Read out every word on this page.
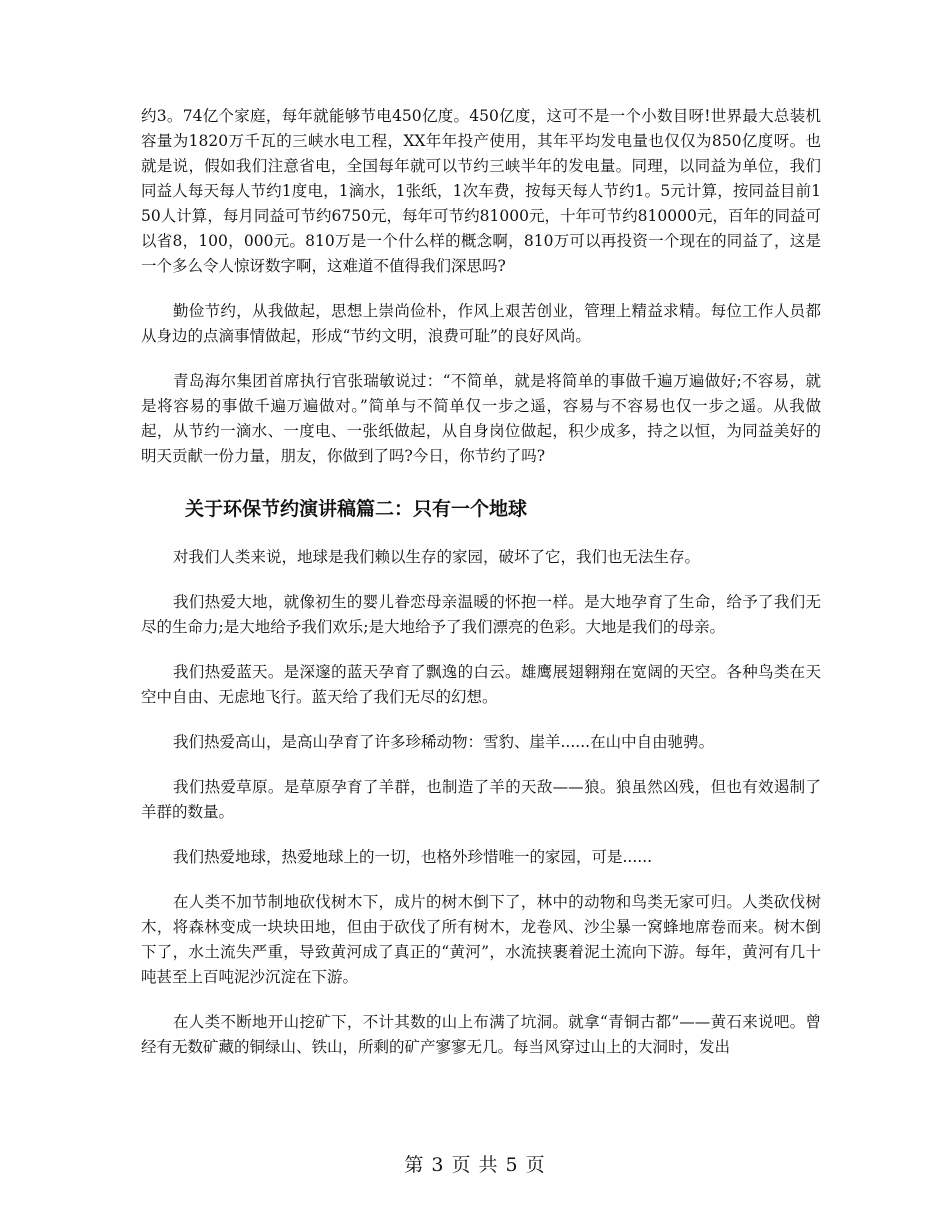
约3。74亿个家庭，每年就能够节电450亿度。450亿度，这可不是一个小数目呀!世界最大总装机容量为1820万千瓦的三峡水电工程，XX年年投产使用，其年平均发电量也仅仅为850亿度呀。也就是说，假如我们注意省电，全国每年就可以节约三峡半年的发电量。同理，以同益为单位，我们同益人每天每人节约1度电，1滴水，1张纸，1次车费，按每天每人节约1。5元计算，按同益目前150人计算，每月同益可节约6750元，每年可节约81000元，十年可节约810000元，百年的同益可以省8，100，000元。810万是一个什么样的概念啊，810万可以再投资一个现在的同益了，这是一个多么令人惊讶数字啊，这难道不值得我们深思吗?

勤俭节约，从我做起，思想上崇尚俭朴，作风上艰苦创业，管理上精益求精。每位工作人员都从身边的点滴事情做起，形成“节约文明，浪费可耻”的良好风尚。

青岛海尔集团首席执行官张瑞敏说过：“不简单，就是将简单的事做千遍万遍做好;不容易，就是将容易的事做千遍万遍做对。”简单与不简单仅一步之遥，容易与不容易也仅一步之遥。从我做起，从节约一滴水、一度电、一张纸做起，从自身岗位做起，积少成多，持之以恒，为同益美好的明天贡献一份力量，朋友，你做到了吗?今日，你节约了吗?

关于环保节约演讲稿篇二：只有一个地球

对我们人类来说，地球是我们赖以生存的家园，破坏了它，我们也无法生存。

我们热爱大地，就像初生的婴儿眷恋母亲温暖的怀抱一样。是大地孕育了生命，给予了我们无尽的生命力;是大地给予我们欢乐;是大地给予了我们漂亮的色彩。大地是我们的母亲。

我们热爱蓝天。是深邃的蓝天孕育了飘逸的白云。雄鹰展翅翱翔在宽阔的天空。各种鸟类在天空中自由、无虑地飞行。蓝天给了我们无尽的幻想。

我们热爱高山，是高山孕育了许多珍稀动物：雪豹、崖羊......在山中自由驰骋。

我们热爱草原。是草原孕育了羊群，也制造了羊的天敌——狼。狼虽然凶残，但也有效遏制了羊群的数量。

我们热爱地球，热爱地球上的一切，也格外珍惜唯一的家园，可是......

在人类不加节制地砍伐树木下，成片的树木倒下了，林中的动物和鸟类无家可归。人类砍伐树木，将森林变成一块块田地，但由于砍伐了所有树木，龙卷风、沙尘暴一窝蜂地席卷而来。树木倒下了，水土流失严重，导致黄河成了真正的“黄河”，水流挟裹着泥土流向下游。每年，黄河有几十吨甚至上百吨泥沙沉淀在下游。

在人类不断地开山挖矿下，不计其数的山上布满了坑洞。就拿“青铜古都”——黄石来说吧。曾经有无数矿藏的铜绿山、铁山，所剩的矿产寥寥无几。每当风穿过山上的大洞时，发出

第 3 页 共 5 页
